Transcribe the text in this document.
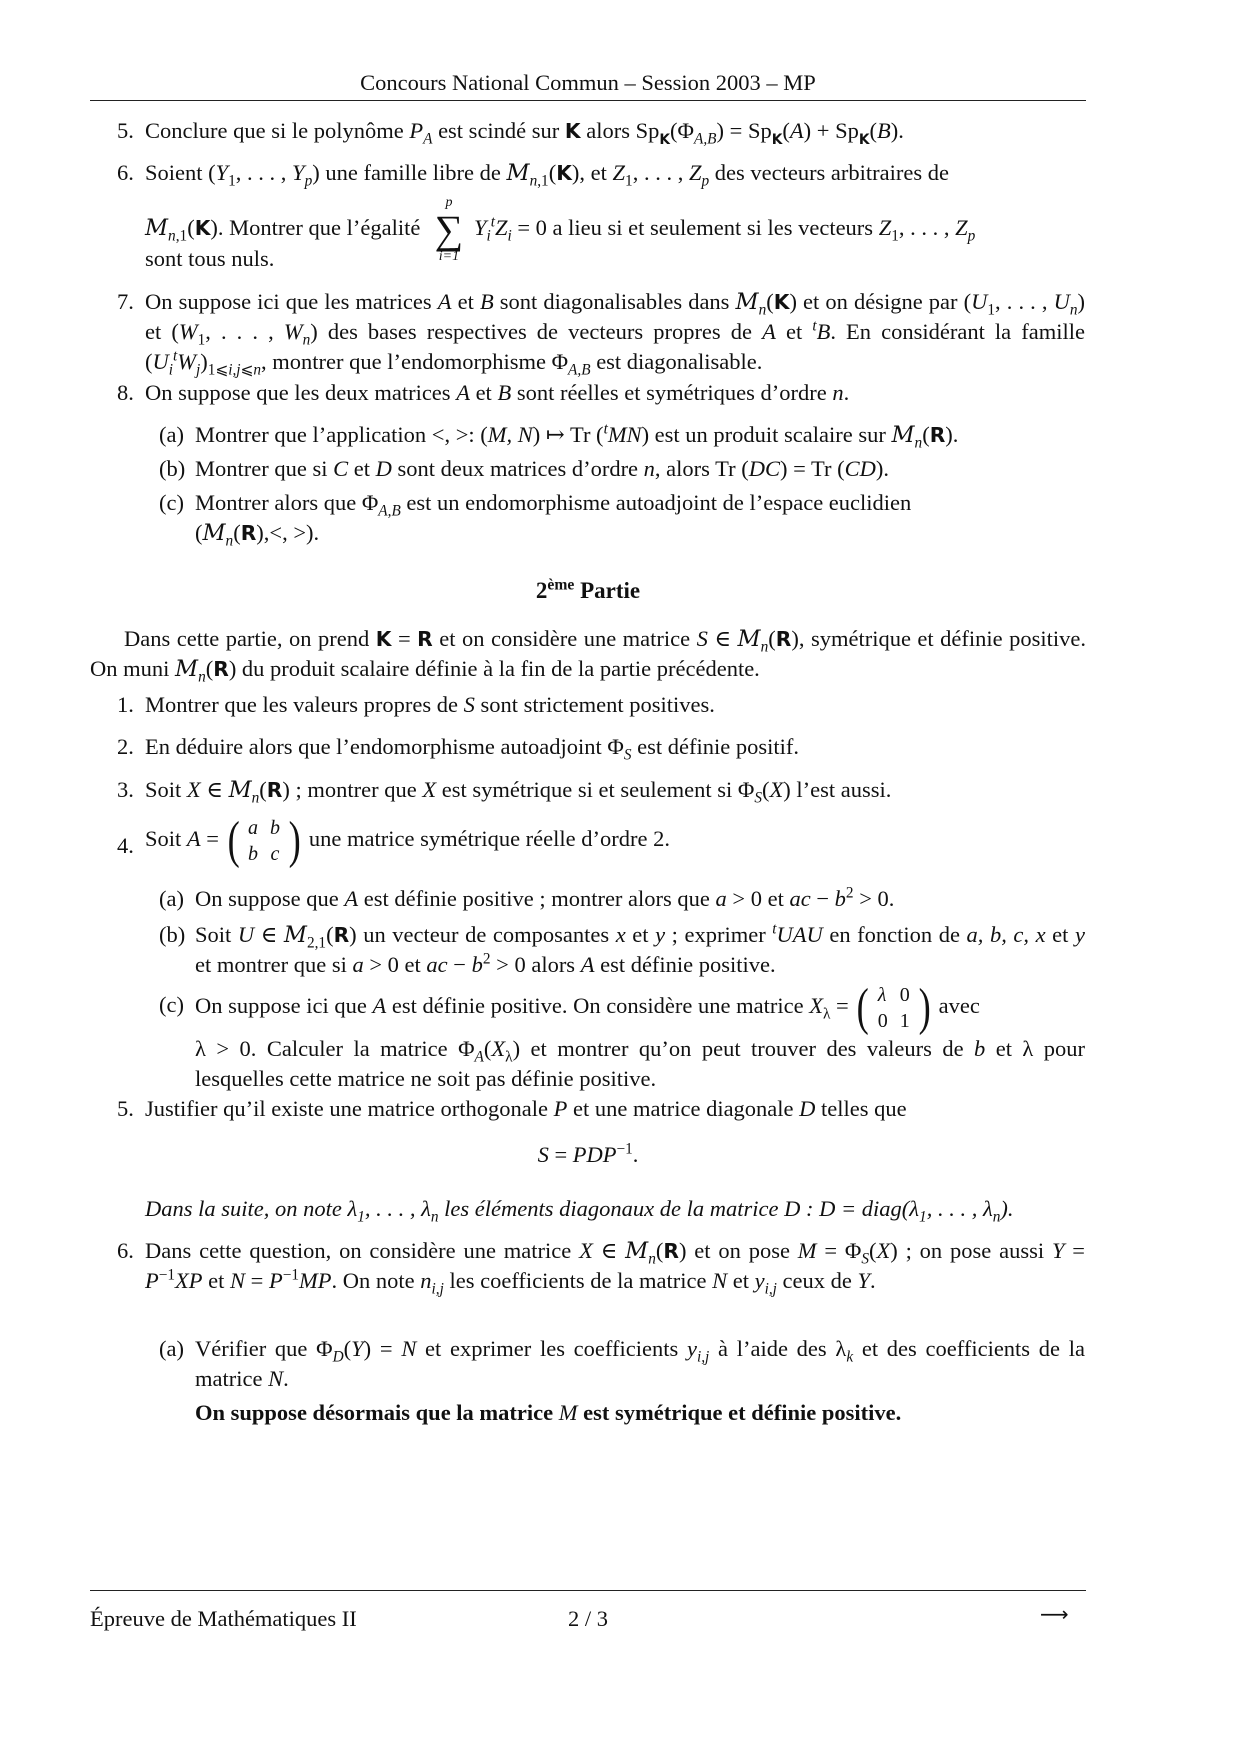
Concours National Commun – Session 2003 – MP
5. Conclure que si le polynôme $P_A$ est scindé sur K alors $Sp_K(\Phi_{A,B}) = Sp_K(A) + Sp_K(B)$.
6. Soient ($Y_1$, . . . , $Y_p$) une famille libre de $M_{n,1}(K)$, et $Z_1$, . . . , $Z_p$ des vecteurs arbitraires de
$M_{n,1}(K)$. Montrer que l’égalité
p
∑
i=1
$Y_i^tZ_i = 0$ a lieu si et seulement si les vecteurs $Z_1$, . . . , $Z_p$
sont tous nuls.
7. On suppose ici que les matrices A et B sont diagonalisables dans $M_n(K)$ et on désigne par ($U_1$, . . . , $U_n$) et ($W_1$, . . . , $W_n$) des bases respectives de vecteurs propres de A et $^t$B. En considérant la famille $(U_i^tW_j)_{1⩽i,j⩽n}$, montrer que l’endomorphisme $\Phi_{A,B}$ est diagonalisable.
8. On suppose que les deux matrices A et B sont réelles et symétriques d’ordre n.
(a) Montrer que l’application <, >: (M, N) ↦ Tr ($^t$MN) est un produit scalaire sur $M_n(R)$.
(b) Montrer que si C et D sont deux matrices d’ordre n, alors Tr (DC) = Tr (CD).
(c) Montrer alors que $\Phi_{A,B}$ est un endomorphisme autoadjoint de l’espace euclidien
($M_n(R),<$, >).
2ème Partie
Dans cette partie, on prend K = R et on considère une matrice S ∈ $M_n(R)$, symétrique et définie positive. On muni $M_n(R)$ du produit scalaire définie à la fin de la partie précédente.
1. Montrer que les valeurs propres de S sont strictement positives.
2. En déduire alors que l’endomorphisme autoadjoint $\Phi_S$ est définie positif.
3. Soit X ∈ $M_n(R)$ ; montrer que X est symétrique si et seulement si $\Phi_S(X)$ l’est aussi.
4. Soit A = ( a	b
b	c ) une matrice symétrique réelle d’ordre 2.
(a) On suppose que A est définie positive ; montrer alors que a > 0 et ac − $b^2 > 0$.
(b) Soit U ∈ $M_{2,1}(R)$ un vecteur de composantes x et y ; exprimer $^t$UAU en fonction de a, b, c, x et y et montrer que si a > 0 et ac − $b^2 > 0$ alors A est définie positive.
(c) On suppose ici que A est définie positive. On considère une matrice $X_\lambda$ = ( λ	0
0	1 ) avec
λ > 0. Calculer la matrice $\Phi_A(X_\lambda)$ et montrer qu’on peut trouver des valeurs de b et λ pour lesquelles cette matrice ne soit pas définie positive.
5. Justifier qu’il existe une matrice orthogonale P et une matrice diagonale D telles que
$S = PDP^{-1}$.
Dans la suite, on note $\lambda_1$, . . . , $\lambda_n$ les éléments diagonaux de la matrice D : $D = diag(\lambda_1$, . . . , $\lambda_n$).
6. Dans cette question, on considère une matrice X ∈ $M_n(R)$ et on pose $M = \Phi_S(X)$ ; on pose aussi $Y = P^{-1}XP$ et $N = P^{-1}MP$. On note $n_{i,j}$ les coefficients de la matrice N et $y_{i,j}$ ceux de Y.
(a) Vérifier que $\Phi_D(Y) = N$ et exprimer les coefficients $y_{i,j}$ à l’aide des $\lambda_k$ et des coefficients de la matrice N.
On suppose désormais que la matrice M est symétrique et définie positive.
Épreuve de Mathématiques II	2 / 3	⟶
